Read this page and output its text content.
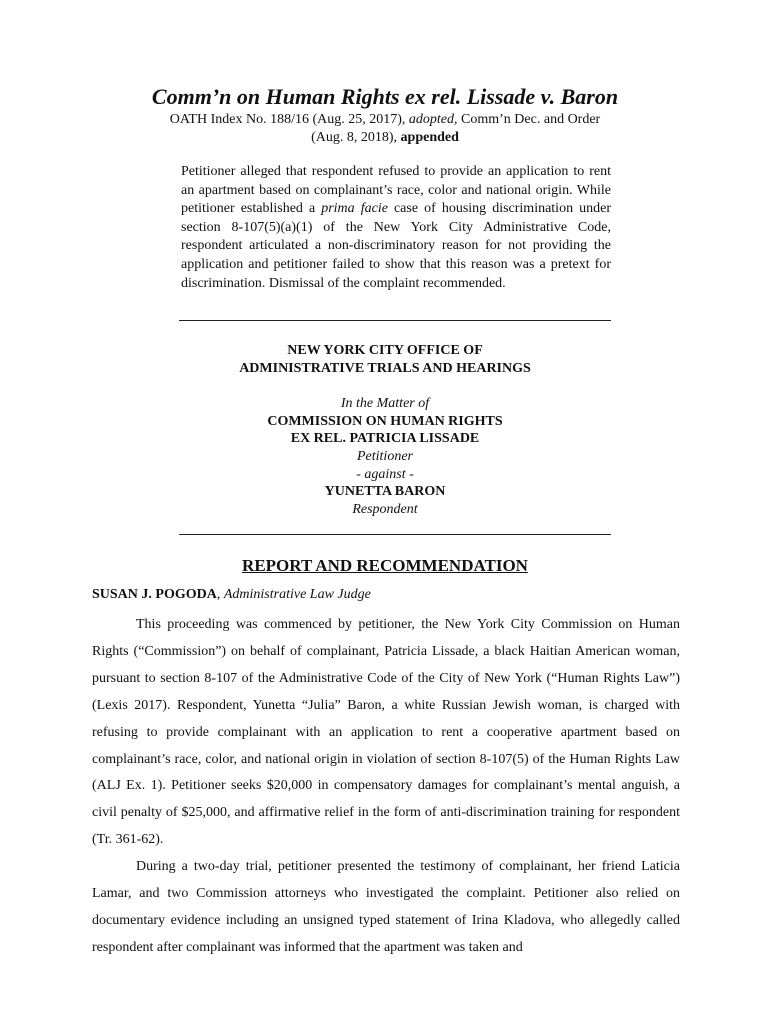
Comm’n on Human Rights ex rel. Lissade v. Baron
OATH Index No. 188/16 (Aug. 25, 2017), adopted, Comm’n Dec. and Order
(Aug. 8, 2018), appended
Petitioner alleged that respondent refused to provide an application to rent an apartment based on complainant’s race, color and national origin. While petitioner established a prima facie case of housing discrimination under section 8-107(5)(a)(1) of the New York City Administrative Code, respondent articulated a non-discriminatory reason for not providing the application and petitioner failed to show that this reason was a pretext for discrimination. Dismissal of the complaint recommended.
NEW YORK CITY OFFICE OF
ADMINISTRATIVE TRIALS AND HEARINGS
In the Matter of
COMMISSION ON HUMAN RIGHTS
EX REL. PATRICIA LISSADE
Petitioner
- against -
YUNETTA BARON
Respondent
REPORT AND RECOMMENDATION
SUSAN J. POGODA, Administrative Law Judge

This proceeding was commenced by petitioner, the New York City Commission on Human Rights (“Commission”) on behalf of complainant, Patricia Lissade, a black Haitian American woman, pursuant to section 8-107 of the Administrative Code of the City of New York (“Human Rights Law”) (Lexis 2017). Respondent, Yunetta “Julia” Baron, a white Russian Jewish woman, is charged with refusing to provide complainant with an application to rent a cooperative apartment based on complainant’s race, color, and national origin in violation of section 8-107(5) of the Human Rights Law (ALJ Ex. 1). Petitioner seeks $20,000 in compensatory damages for complainant’s mental anguish, a civil penalty of $25,000, and affirmative relief in the form of anti-discrimination training for respondent (Tr. 361-62).

During a two-day trial, petitioner presented the testimony of complainant, her friend Laticia Lamar, and two Commission attorneys who investigated the complaint. Petitioner also relied on documentary evidence including an unsigned typed statement of Irina Kladova, who allegedly called respondent after complainant was informed that the apartment was taken and
